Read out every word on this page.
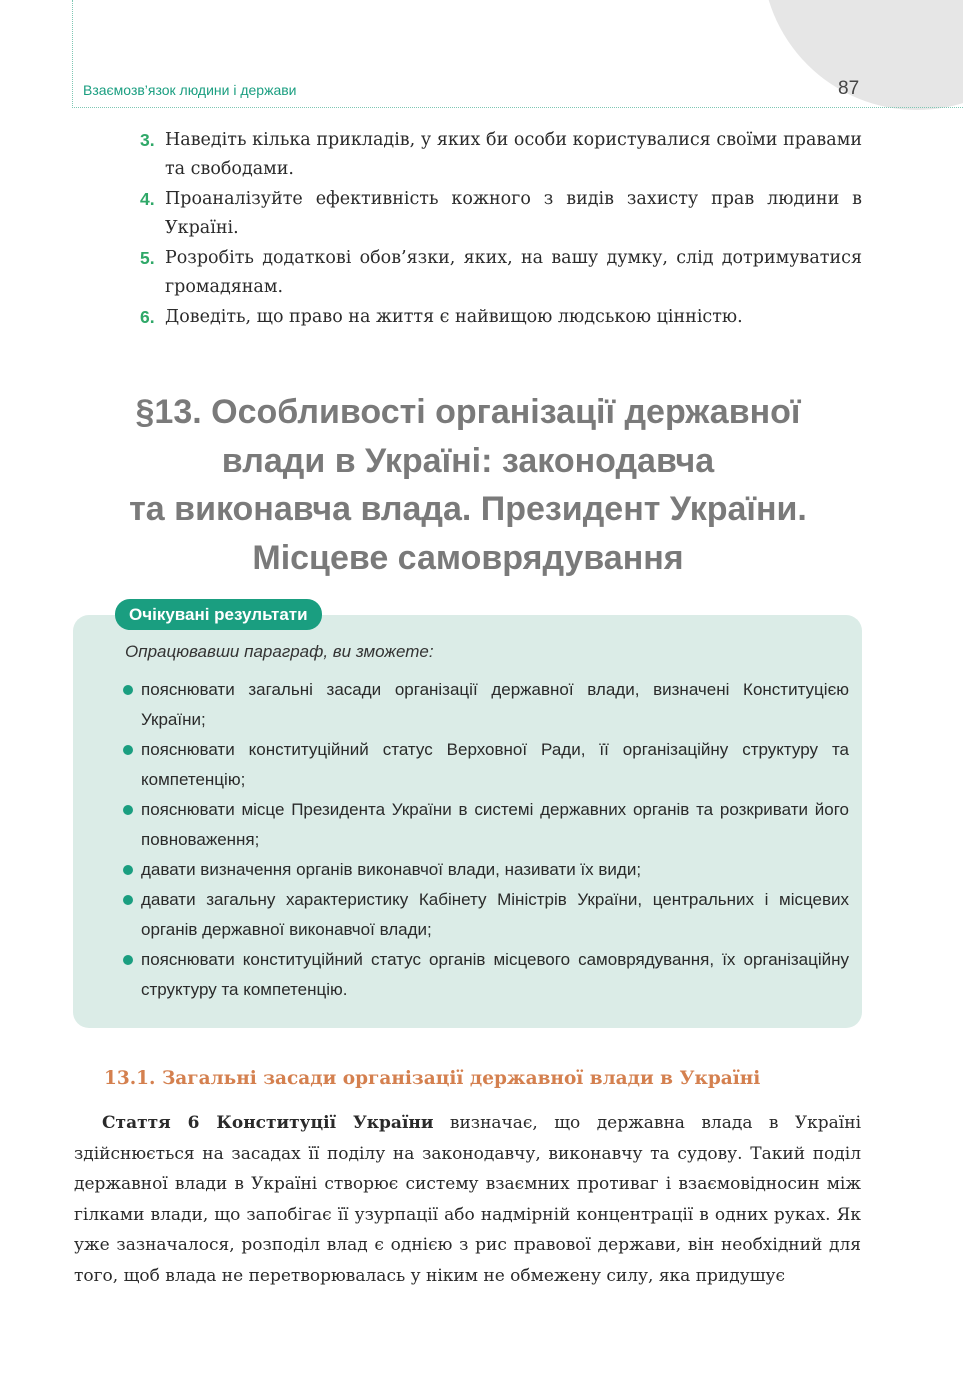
Взаємозв’язок людини і держави	87
3. Наведіть кілька прикладів, у яких би особи користувалися своїми правами та свободами.
4. Проаналізуйте ефективність кожного з видів захисту прав людини в Україні.
5. Розробіть додаткові обов’язки, яких, на вашу думку, слід дотримуватися громадянам.
6. Доведіть, що право на життя є найвищою людською цінністю.
§13. Особливості організації державної
влади в Україні: законодавча
та виконавча влада. Президент України.
Місцеве самоврядування
Очікувані результати
Опрацювавши параграф, ви зможете:
пояснювати загальні засади організації державної влади, визначені Конституцією України;
пояснювати конституційний статус Верховної Ради, її організаційну структуру та компетенцію;
пояснювати місце Президента України в системі державних органів та розкривати його повноваження;
давати визначення органів виконавчої влади, називати їх види;
давати загальну характеристику Кабінету Міністрів України, центральних і місцевих органів державної виконавчої влади;
пояснювати конституційний статус органів місцевого самоврядування, їх організаційну структуру та компетенцію.
13.1. Загальні засади організації державної влади в Україні
Стаття 6 Конституції України визначає, що державна влада в Україні здійснюється на засадах її поділу на законодавчу, виконавчу та судову. Такий поділ державної влади в Україні створює систему взаємних противаг і взаємовідносин між гілками влади, що запобігає її узурпації або надмірній концентрації в одних руках. Як уже зазначалося, розподіл влад є однією з рис правової держави, він необхідний для того, щоб влада не перетворювалась у ніким не обмежену силу, яка придушує
